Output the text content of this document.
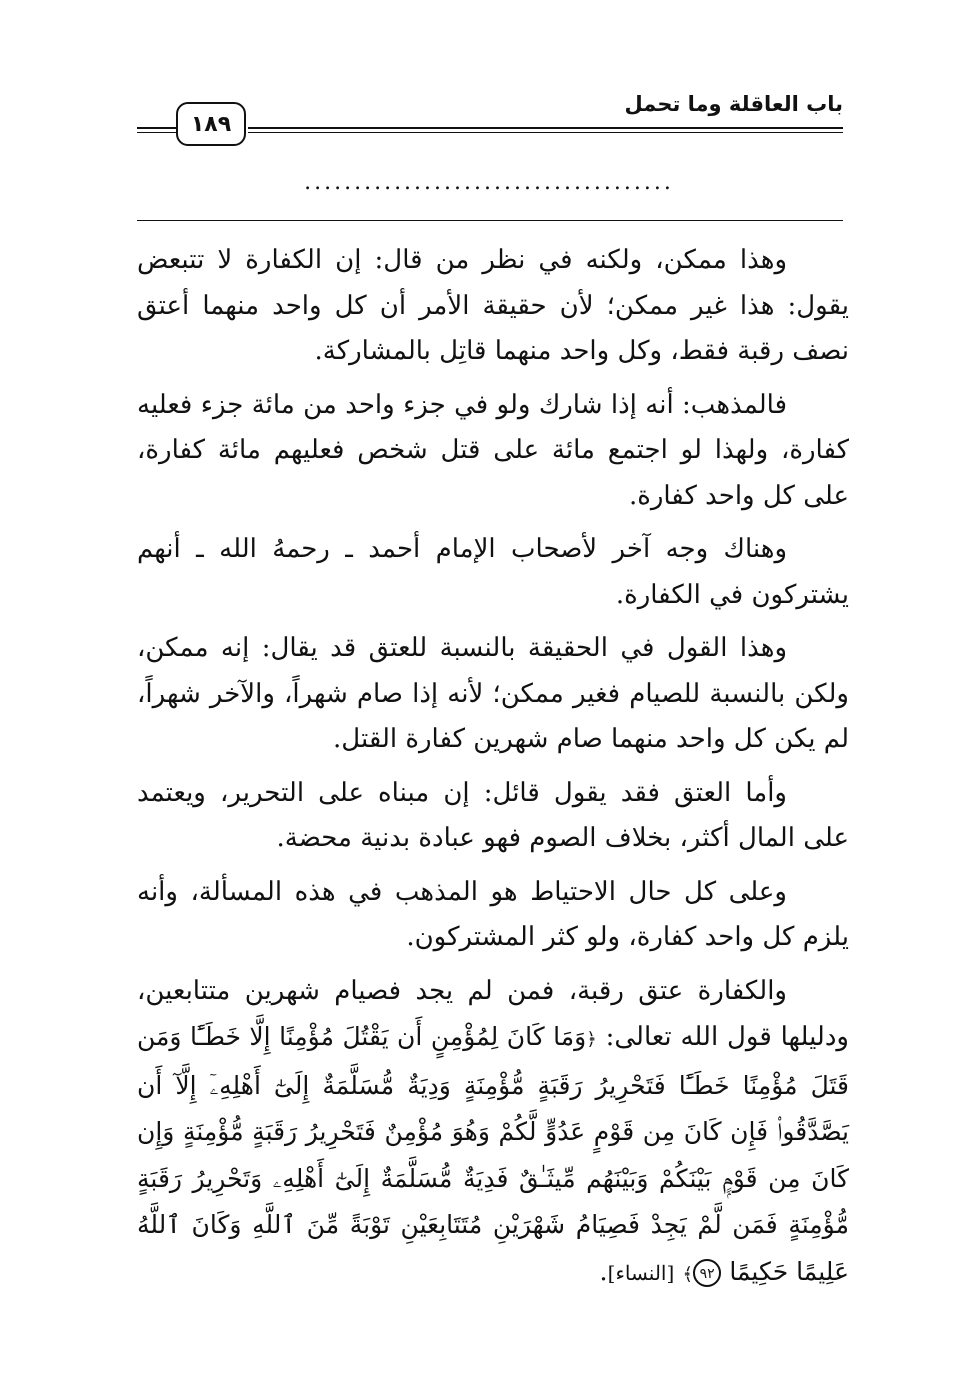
باب العاقلة وما تحمل
١٨٩
.....................................

وهذا ممكن، ولكنه في نظر من قال: إن الكفارة لا تتبعض يقول: هذا غير ممكن؛ لأن حقيقة الأمر أن كل واحد منهما أعتق نصف رقبة فقط، وكل واحد منهما قاتِل بالمشاركة.

فالمذهب: أنه إذا شارك ولو في جزء واحد من مائة جزء فعليه كفارة، ولهذا لو اجتمع مائة على قتل شخص فعليهم مائة كفارة، على كل واحد كفارة.

وهناك وجه آخر لأصحاب الإمام أحمد ـ رحمهُ الله ـ أنهم يشتركون في الكفارة.

وهذا القول في الحقيقة بالنسبة للعتق قد يقال: إنه ممكن، ولكن بالنسبة للصيام فغير ممكن؛ لأنه إذا صام شهراً، والآخر شهراً، لم يكن كل واحد منهما صام شهرين كفارة القتل.

وأما العتق فقد يقول قائل: إن مبناه على التحرير، ويعتمد على المال أكثر، بخلاف الصوم فهو عبادة بدنية محضة.

وعلى كل حال الاحتياط هو المذهب في هذه المسألة، وأنه يلزم كل واحد كفارة، ولو كثر المشتركون.

والكفارة عتق رقبة، فمن لم يجد فصيام شهرين متتابعين، ودليلها قول الله تعالى: ﴿وَمَا كَانَ لِمُؤْمِنٍ أَن يَقْتُلَ مُؤْمِنًا إِلَّا خَطَـًٔا وَمَن قَتَلَ مُؤْمِنًا خَطَـًٔا فَتَحْرِيرُ رَقَبَةٍ مُّؤْمِنَةٍ وَدِيَةٌ مُّسَلَّمَةٌ إِلَىٰٓ أَهْلِهِۦٓ إِلَّآ أَن يَصَّدَّقُوا۟ فَإِن كَانَ مِن قَوْمٍ عَدُوٍّ لَّكُمْ وَهُوَ مُؤْمِنٌ فَتَحْرِيرُ رَقَبَةٍ مُّؤْمِنَةٍ وَإِن كَانَ مِن قَوْمٍۭ بَيْنَكُمْ وَبَيْنَهُم مِّيثَـٰقٌ فَدِيَةٌ مُّسَلَّمَةٌ إِلَىٰٓ أَهْلِهِۦ وَتَحْرِيرُ رَقَبَةٍ مُّؤْمِنَةٍ فَمَن لَّمْ يَجِدْ فَصِيَامُ شَهْرَيْنِ مُتَتَابِعَيْنِ تَوْبَةً مِّنَ ٱللَّهِ وَكَانَ ٱللَّهُ عَلِيمًا حَكِيمًا ٩٢﴾ [النساء].
